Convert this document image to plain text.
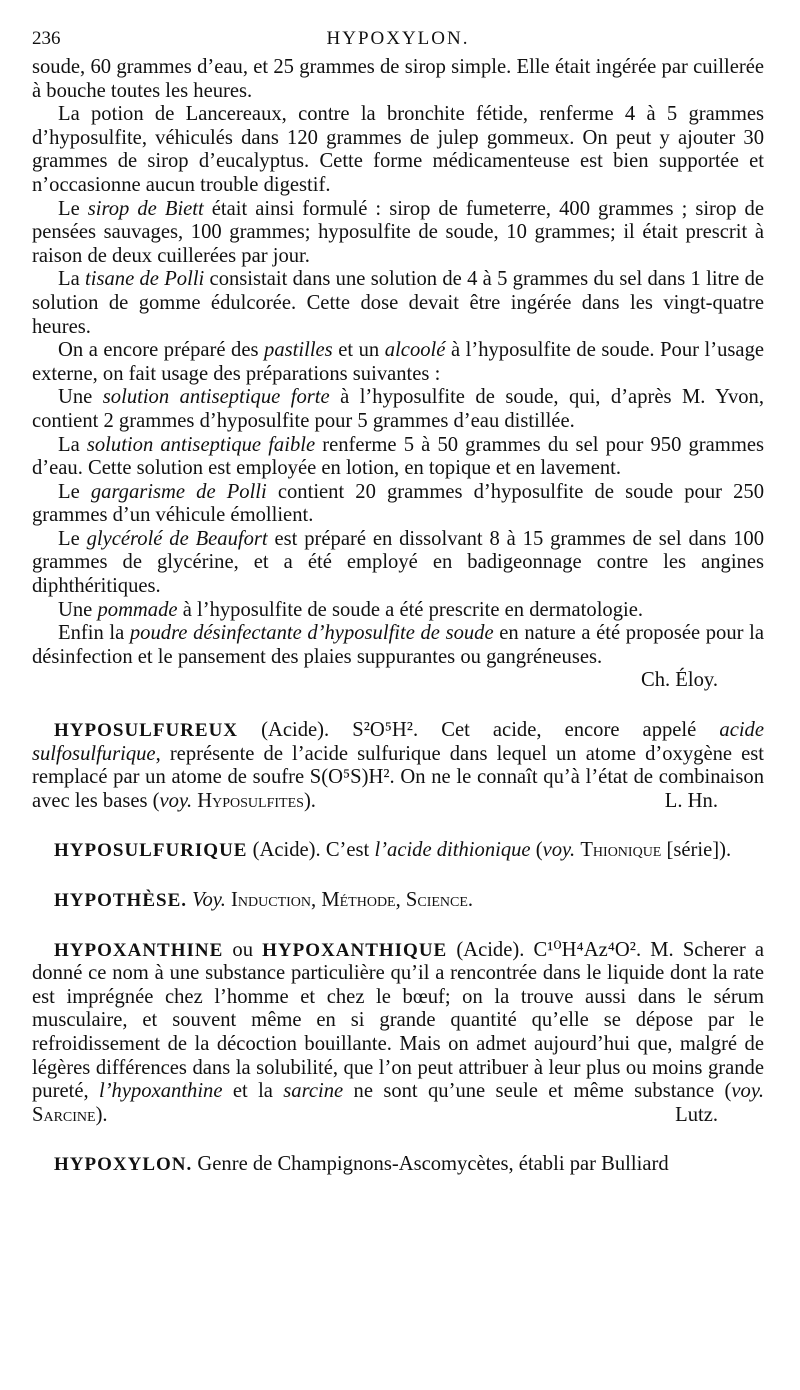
236	HYPOXYLON.

soude, 60 grammes d’eau, et 25 grammes de sirop simple. Elle était ingérée par cuillerée à bouche toutes les heures.

La potion de Lancereaux, contre la bronchite fétide, renferme 4 à 5 grammes d’hyposulfite, véhiculés dans 120 grammes de julep gommeux. On peut y ajouter 30 grammes de sirop d’eucalyptus. Cette forme médicamenteuse est bien supportée et n’occasionne aucun trouble digestif.

Le sirop de Biett était ainsi formulé : sirop de fumeterre, 400 grammes ; sirop de pensées sauvages, 100 grammes; hyposulfite de soude, 10 grammes; il était prescrit à raison de deux cuillerées par jour.

La tisane de Polli consistait dans une solution de 4 à 5 grammes du sel dans 1 litre de solution de gomme édulcorée. Cette dose devait être ingérée dans les vingt-quatre heures.

On a encore préparé des pastilles et un alcoolé à l’hyposulfite de soude. Pour l’usage externe, on fait usage des préparations suivantes :

Une solution antiseptique forte à l’hyposulfite de soude, qui, d’après M. Yvon, contient 2 grammes d’hyposulfite pour 5 grammes d’eau distillée.

La solution antiseptique faible renferme 5 à 50 grammes du sel pour 950 grammes d’eau. Cette solution est employée en lotion, en topique et en lavement.

Le gargarisme de Polli contient 20 grammes d’hyposulfite de soude pour 250 grammes d’un véhicule émollient.

Le glycérolé de Beaufort est préparé en dissolvant 8 à 15 grammes de sel dans 100 grammes de glycérine, et a été employé en badigeonnage contre les angines diphthéritiques.

Une pommade à l’hyposulfite de soude a été prescrite en dermatologie.

Enfin la poudre désinfectante d’hyposulfite de soude en nature a été proposée pour la désinfection et le pansement des plaies suppurantes ou gangréneuses.

Ch. Éloy.

HYPOSULFUREUX (Acide). S²O⁵H². Cet acide, encore appelé acide sulfosulfurique, représente de l’acide sulfurique dans lequel un atome d’oxygène est remplacé par un atome de soufre S(O⁵S)H². On ne le connaît qu’à l’état de combinaison avec les bases (voy. Hyposulfites).	L. Hn.

HYPOSULFURIQUE (Acide). C’est l’acide dithionique (voy. Thionique [série]).

HYPOTHÈSE. Voy. Induction, Méthode, Science.

HYPOXANTHINE ou HYPOXANTHIQUE (Acide). C¹⁰H⁴Az⁴O². M. Scherer a donné ce nom à une substance particulière qu’il a rencontrée dans le liquide dont la rate est imprégnée chez l’homme et chez le bœuf; on la trouve aussi dans le sérum musculaire, et souvent même en si grande quantité qu’elle se dépose par le refroidissement de la décoction bouillante. Mais on admet aujourd’hui que, malgré de légères différences dans la solubilité, que l’on peut attribuer à leur plus ou moins grande pureté, l’hypoxanthine et la sarcine ne sont qu’une seule et même substance (voy. Sarcine).	Lutz.

HYPOXYLON. Genre de Champignons-Ascomycètes, établi par Bulliard
